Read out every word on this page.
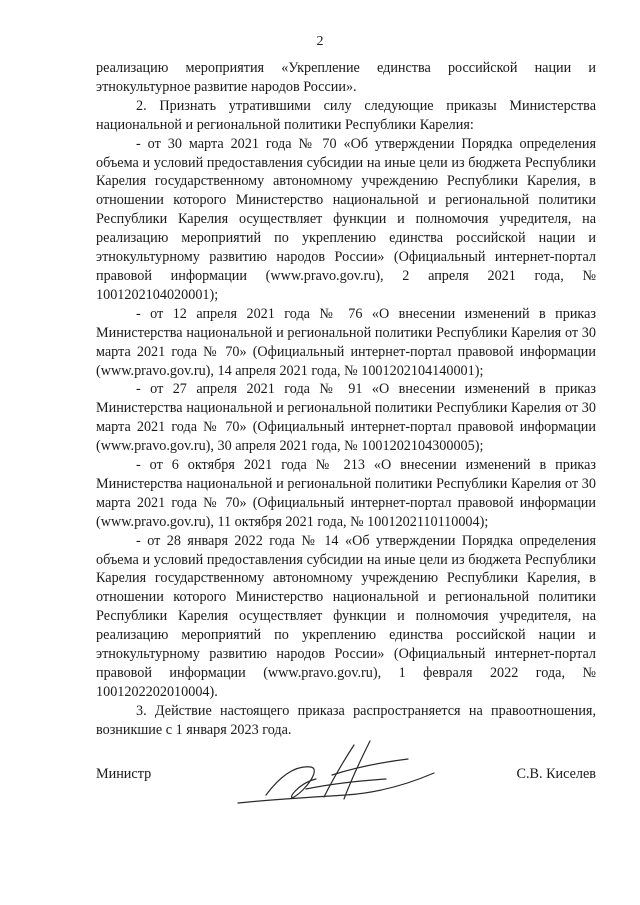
2

реализацию мероприятия «Укрепление единства российской нации и этнокультурное развитие народов России».

2. Признать утратившими силу следующие приказы Министерства национальной и региональной политики Республики Карелия:

- от 30 марта 2021 года № 70 «Об утверждении Порядка определения объема и условий предоставления субсидии на иные цели из бюджета Республики Карелия государственному автономному учреждению Республики Карелия, в отношении которого Министерство национальной и региональной политики Республики Карелия осуществляет функции и полномочия учредителя, на реализацию мероприятий по укреплению единства российской нации и этнокультурному развитию народов России» (Официальный интернет-портал правовой информации (www.pravo.gov.ru), 2 апреля 2021 года, № 1001202104020001);

- от 12 апреля 2021 года № 76 «О внесении изменений в приказ Министерства национальной и региональной политики Республики Карелия от 30 марта 2021 года № 70» (Официальный интернет-портал правовой информации (www.pravo.gov.ru), 14 апреля 2021 года, № 1001202104140001);

- от 27 апреля 2021 года № 91 «О внесении изменений в приказ Министерства национальной и региональной политики Республики Карелия от 30 марта 2021 года № 70» (Официальный интернет-портал правовой информации (www.pravo.gov.ru), 30 апреля 2021 года, № 1001202104300005);

- от 6 октября 2021 года № 213 «О внесении изменений в приказ Министерства национальной и региональной политики Республики Карелия от 30 марта 2021 года № 70» (Официальный интернет-портал правовой информации (www.pravo.gov.ru), 11 октября 2021 года, № 1001202110110004);

- от 28 января 2022 года № 14 «Об утверждении Порядка определения объема и условий предоставления субсидии на иные цели из бюджета Республики Карелия государственному автономному учреждению Республики Карелия, в отношении которого Министерство национальной и региональной политики Республики Карелия осуществляет функции и полномочия учредителя, на реализацию мероприятий по укреплению единства российской нации и этнокультурному развитию народов России» (Официальный интернет-портал правовой информации (www.pravo.gov.ru), 1 февраля 2022 года, № 1001202202010004).

3. Действие настоящего приказа распространяется на правоотношения, возникшие с 1 января 2023 года.

Министр	С.В. Киселев
